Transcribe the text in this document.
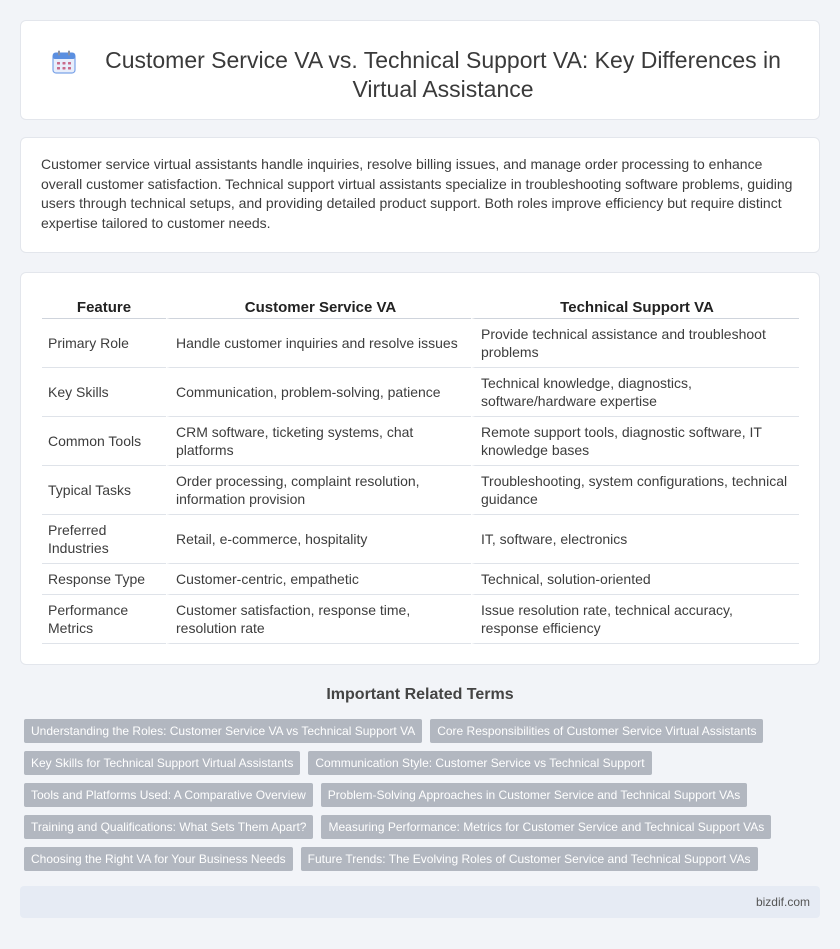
Customer Service VA vs. Technical Support VA: Key Differences in Virtual Assistance

Customer service virtual assistants handle inquiries, resolve billing issues, and manage order processing to enhance overall customer satisfaction. Technical support virtual assistants specialize in troubleshooting software problems, guiding users through technical setups, and providing detailed product support. Both roles improve efficiency but require distinct expertise tailored to customer needs.

Feature	Customer Service VA	Technical Support VA
Primary Role	Handle customer inquiries and resolve issues	Provide technical assistance and troubleshoot problems
Key Skills	Communication, problem-solving, patience	Technical knowledge, diagnostics, software/hardware expertise
Common Tools	CRM software, ticketing systems, chat platforms	Remote support tools, diagnostic software, IT knowledge bases
Typical Tasks	Order processing, complaint resolution, information provision	Troubleshooting, system configurations, technical guidance
Preferred Industries	Retail, e-commerce, hospitality	IT, software, electronics
Response Type	Customer-centric, empathetic	Technical, solution-oriented
Performance Metrics	Customer satisfaction, response time, resolution rate	Issue resolution rate, technical accuracy, response efficiency
Important Related Terms
Understanding the Roles: Customer Service VA vs Technical Support VA	Core Responsibilities of Customer Service Virtual Assistants
Key Skills for Technical Support Virtual Assistants	Communication Style: Customer Service vs Technical Support
Tools and Platforms Used: A Comparative Overview	Problem-Solving Approaches in Customer Service and Technical Support VAs
Training and Qualifications: What Sets Them Apart?	Measuring Performance: Metrics for Customer Service and Technical Support VAs
Choosing the Right VA for Your Business Needs	Future Trends: The Evolving Roles of Customer Service and Technical Support VAs
bizdif.com
